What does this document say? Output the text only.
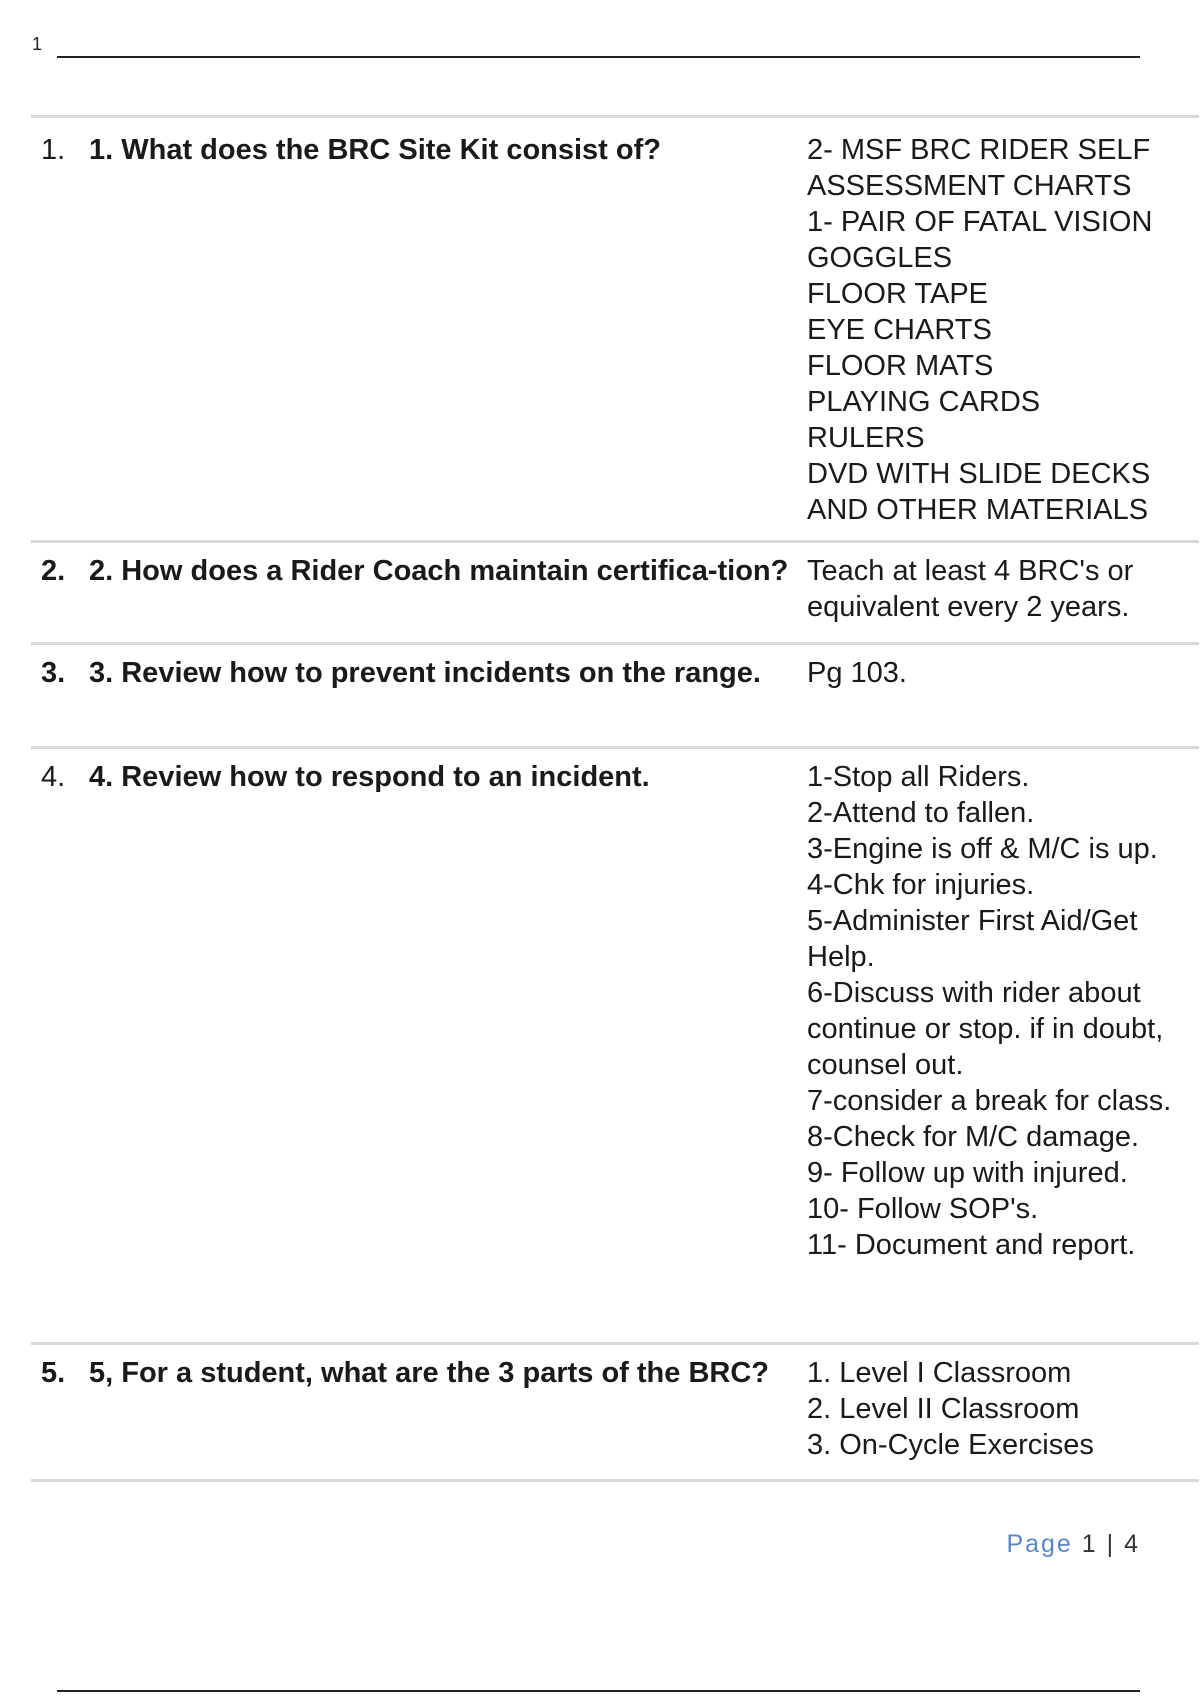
1
1. 1. What does the BRC Site Kit consist of?	2- MSF BRC RIDER SELF ASSESSMENT CHARTS
1- PAIR OF FATAL VISION GOGGLES
FLOOR TAPE
EYE CHARTS
FLOOR MATS
PLAYING CARDS
RULERS
DVD WITH SLIDE DECKS AND OTHER MATERIALS
2. 2. How does a Rider Coach maintain certifica-tion? Teach at least 4 BRC's or equivalent every 2 years.
3. 3. Review how to prevent incidents on the range.	Pg 103.
4. 4. Review how to respond to an incident.	1-Stop all Riders.
2-Attend to fallen.
3-Engine is off & M/C is up.
4-Chk for injuries.
5-Administer First Aid/Get Help.
6-Discuss with rider about continue or stop. if in doubt, counsel out.
7-consider a break for class.
8-Check for M/C damage.
9- Follow up with injured.
10- Follow SOP's.
11- Document and report.
5. 5, For a student, what are the 3 parts of the BRC?	1. Level I Classroom
2. Level II Classroom
3. On-Cycle Exercises
Page 1 | 4
